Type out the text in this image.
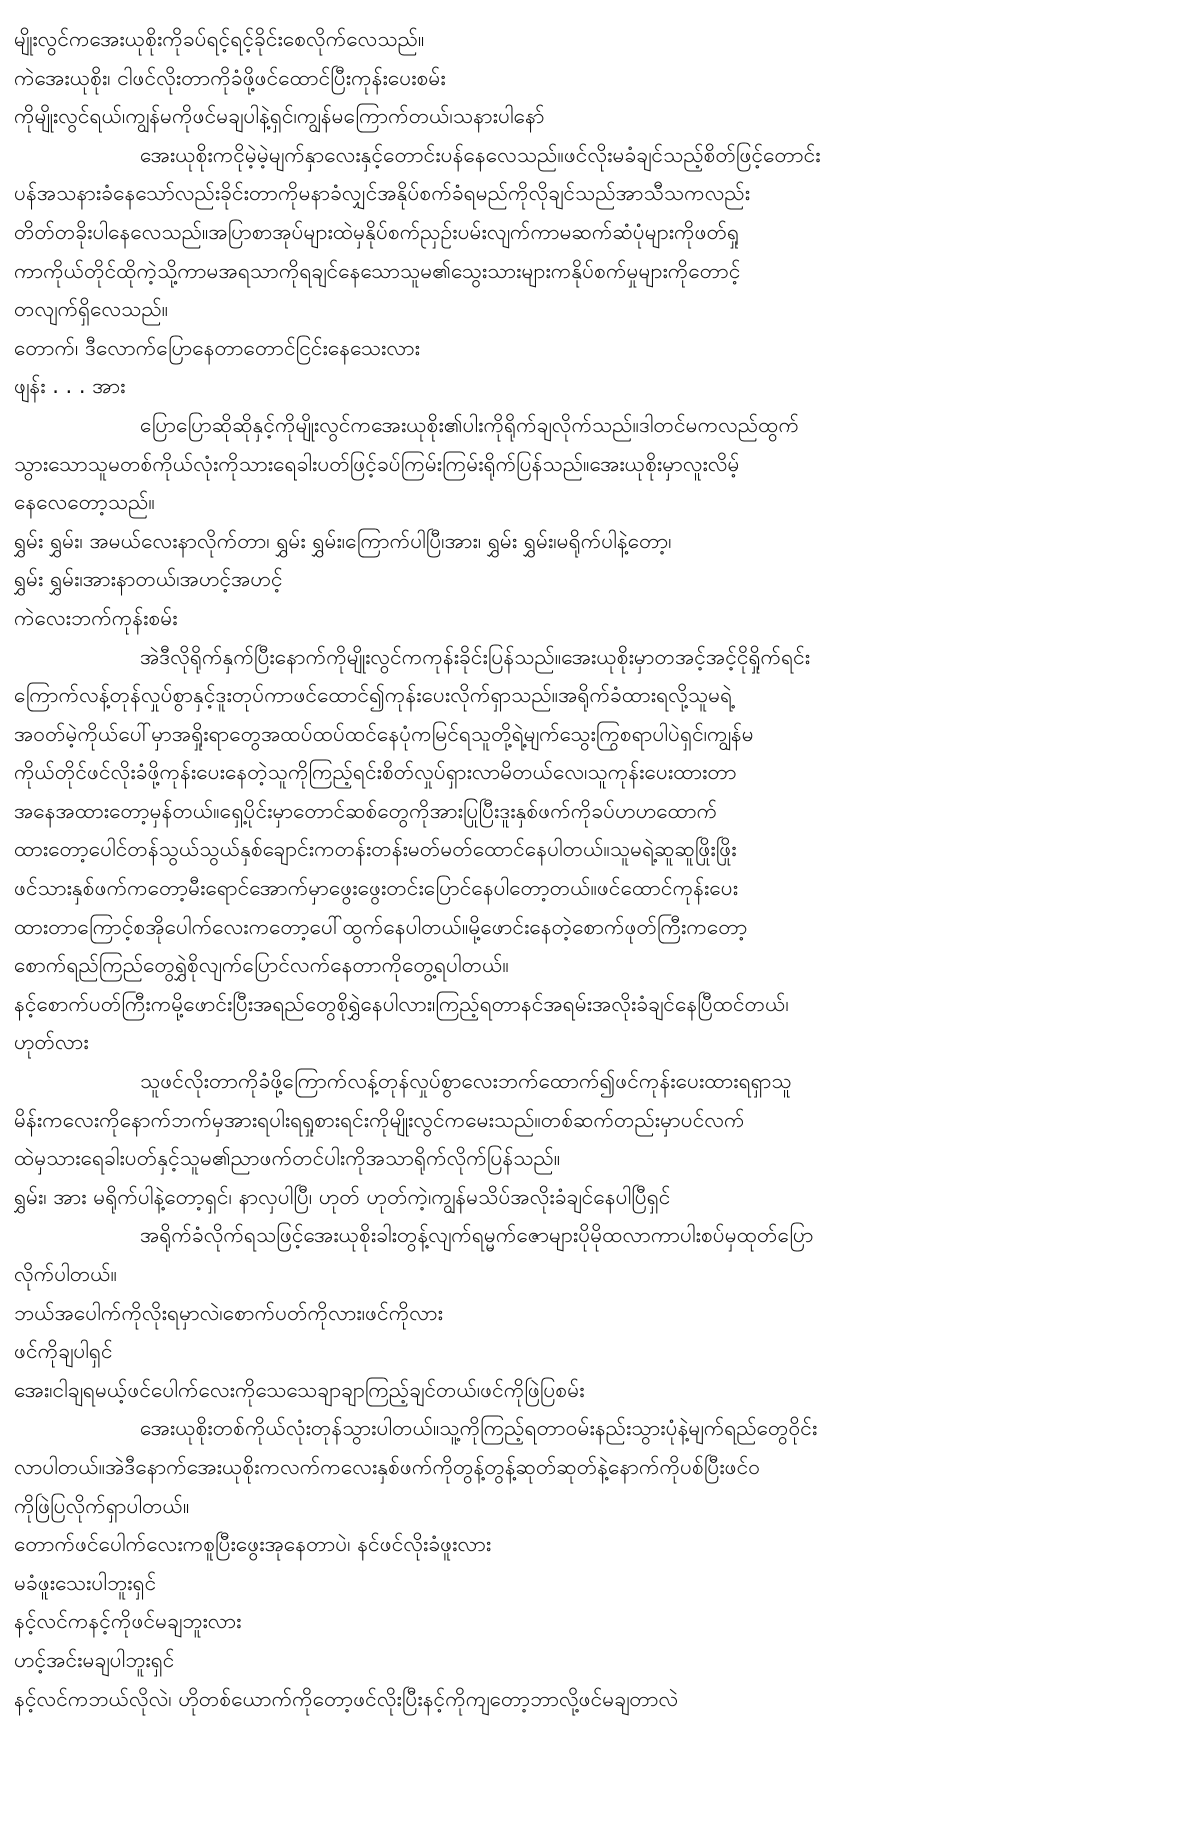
မျိုးလွင်ကအေးယုစိုးကိုခပ်ရင့်ရင့်ခိုင်းစေလိုက်လေသည်။
ကဲအေးယုစိုး၊ ငါဖင်လိုးတာကိုခံဖို့ဖင်ထောင်ပြီးကုန်းပေးစမ်း
ကိုမျိုးလွင်ရယ်၊ကျွန်မကိုဖင်မချပါနဲ့ရှင်၊ကျွန်မကြောက်တယ်၊သနားပါနော်
အေးယုစိုးကငိုမဲ့မဲ့မျက်နှာလေးနှင့်တောင်းပန်နေလေသည်။ဖင်လိုးမခံချင်သည့်စိတ်ဖြင့်တောင်း
ပန်အသနားခံနေသော်လည်းခိုင်းတာကိုမနာခံလျှင်အနိုပ်စက်ခံရမည်ကိုလိုချင်သည်အာသီသကလည်း
တိတ်တခိုးပါနေလေသည်။အပြာစာအုပ်များထဲမှနိုပ်စက်ညှဥ်းပမ်းလျက်ကာမဆက်ဆံပုံများကိုဖတ်ရှု
ကာကိုယ်တိုင်ထိုကဲ့သို့ကာမအရသာကိုရချင်နေသောသူမ၏သွေးသားများကနိုပ်စက်မှုများကိုတောင့်
တလျက်ရှိလေသည်။
တောက်၊ ဒီလောက်ပြောနေတာတောင်ငြင်းနေသေးလား
ဖျန်း . . . အား
ပြောပြောဆိုဆိုနှင့်ကိုမျိုးလွင်ကအေးယုစိုး၏ပါးကိုရိုက်ချလိုက်သည်။ဒါတင်မကလည်ထွက်
သွားသောသူမတစ်ကိုယ်လုံးကိုသားရေခါးပတ်ဖြင့်ခပ်ကြမ်းကြမ်းရိုက်ပြန်သည်။အေးယုစိုးမှာလူးလိမ့်
နေလေတော့သည်။
ရွှမ်း ရွှမ်း၊ အမယ်လေးနာလိုက်တာ၊ ရွှမ်း ရွှမ်း၊ကြောက်ပါပြီ၊အား၊ ရွှမ်း ရွှမ်း၊မရိုက်ပါနဲ့တော့၊
ရွှမ်း ရွှမ်း၊အားနာတယ်၊အဟင့်အဟင့်
ကဲလေးဘက်ကုန်းစမ်း
အဲဒီလိုရိုက်နှက်ပြီးနောက်ကိုမျိုးလွင်ကကုန်းခိုင်းပြန်သည်။အေးယုစိုးမှာတအင့်အင့်ငိုရှိုက်ရင်း
ကြောက်လန့်တုန်လှုပ်စွာနှင့်ဒူးတုပ်ကာဖင်ထောင်၍ကုန်းပေးလိုက်ရှာသည်။အရိုက်ခံထားရလို့သူမရဲ့
အဝတ်မဲ့ကိုယ်ပေါ်မှာအရှိုးရာတွေအထပ်ထပ်ထင်နေပုံကမြင်ရသူတို့ရဲ့မျက်သွေးကြွစရာပါပဲရှင်၊ကျွန်မ
ကိုယ်တိုင်ဖင်လိုးခံဖို့ကုန်းပေးနေတဲ့သူကိုကြည့်ရင်းစိတ်လှုပ်ရှားလာမိတယ်လေ၊သူကုန်းပေးထားတာ
အနေအထားတော့မှန်တယ်။ရှေ့ပိုင်းမှာတောင်ဆစ်တွေကိုအားပြုပြီးဒူးနှစ်ဖက်ကိုခပ်ဟဟထောက်
ထားတော့ပေါင်တန်သွယ်သွယ်နှစ်ချောင်းကတန်းတန်းမတ်မတ်ထောင်နေပါတယ်။သူမရဲ့ဆူဆူဖြိုးဖြိုး
ဖင်သားနှစ်ဖက်ကတော့မီးရောင်အောက်မှာဖွေးဖွေးတင်းပြောင်နေပါတော့တယ်။ဖင်ထောင်ကုန်းပေး
ထားတာကြောင့်စအိုပေါက်လေးကတော့ပေါ်ထွက်နေပါတယ်။မို့ဖောင်းနေတဲ့စောက်ဖုတ်ကြီးကတော့
စောက်ရည်ကြည်တွေရွှဲစိုလျက်ပြောင်လက်နေတာကိုတွေ့ရပါတယ်။
နင့်စောက်ပတ်ကြီးကမို့ဖောင်းပြီးအရည်တွေစိုရွှဲနေပါလား၊ကြည့်ရတာနင်အရမ်းအလိုးခံချင်နေပြီထင်တယ်၊
ဟုတ်လား
သူဖင်လိုးတာကိုခံဖို့ကြောက်လန့်တုန်လှုပ်စွာလေးဘက်ထောက်၍ဖင်ကုန်းပေးထားရရှာသူ
မိန်းကလေးကိုနောက်ဘက်မှအားရပါးရရှုစားရင်းကိုမျိုးလွင်ကမေးသည်။တစ်ဆက်တည်းမှာပင်လက်
ထဲမှသားရေခါးပတ်နှင့်သူမ၏ညာဖက်တင်ပါးကိုအသာရိုက်လိုက်ပြန်သည်။
ရွှမ်း၊ အား မရိုက်ပါနဲ့တော့ရှင်၊ နာလှပါပြီ၊ ဟုတ် ဟုတ်ကဲ့၊ကျွန်မသိပ်အလိုးခံချင်နေပါပြီရှင်
အရိုက်ခံလိုက်ရသဖြင့်အေးယုစိုးခါးတွန့်လျက်ရမ္မက်ဇောများပိုမိုထလာကာပါးစပ်မှထုတ်ပြော
လိုက်ပါတယ်။
ဘယ်အပေါက်ကိုလိုးရမှာလဲ၊စောက်ပတ်ကိုလား၊ဖင်ကိုလား
ဖင်ကိုချပါရှင်
အေး၊ငါချရမယ့်ဖင်ပေါက်လေးကိုသေသေချာချာကြည့်ချင်တယ်၊ဖင်ကိုဖြဲပြစမ်း
အေးယုစိုးတစ်ကိုယ်လုံးတုန်သွားပါတယ်။သူ့ကိုကြည့်ရတာဝမ်းနည်းသွားပုံနဲ့မျက်ရည်တွေဝိုင်း
လာပါတယ်။အဲဒီနောက်အေးယုစိုးကလက်ကလေးနှစ်ဖက်ကိုတွန့်တွန့်ဆုတ်ဆုတ်နဲ့နောက်ကိုပစ်ပြီးဖင်ဝ
ကိုဖြဲပြလိုက်ရှာပါတယ်။
တောက်ဖင်ပေါက်လေးကစူပြီးဖွေးအုနေတာပဲ၊ နင်ဖင်လိုးခံဖူးလား
မခံဖူးသေးပါဘူးရှင်
နင့်လင်ကနင့်ကိုဖင်မချဘူးလား
ဟင့်အင်းမချပါဘူးရှင်
နင့်လင်ကဘယ်လိုလဲ၊ ဟိုတစ်ယောက်ကိုတော့ဖင်လိုးပြီးနင့်ကိုကျတော့ဘာလို့ဖင်မချတာလဲ
